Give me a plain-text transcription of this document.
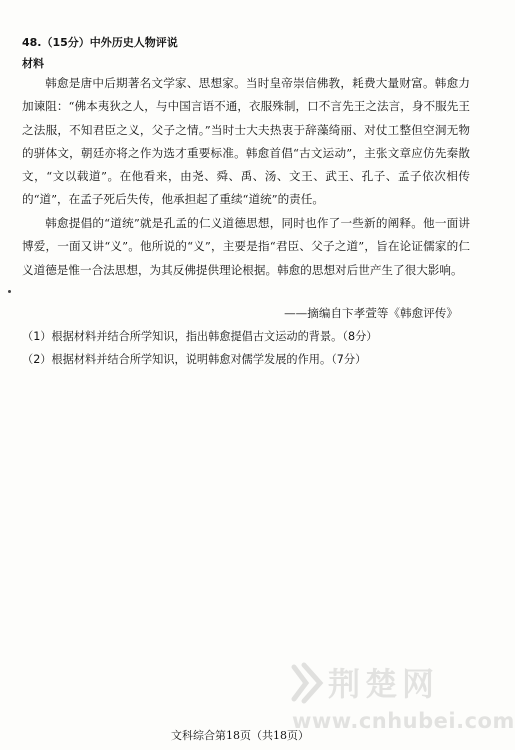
48.（15分）中外历史人物评说
材料
韩愈是唐中后期著名文学家、思想家。当时皇帝崇信佛教，耗费大量财富。韩愈力加谏阻：“佛本夷狄之人，与中国言语不通，衣服殊制，口不言先王之法言，身不服先王之法服，不知君臣之义，父子之情。”当时士大夫热衷于辞藻绮丽、对仗工整但空洞无物的骈体文，朝廷亦将之作为选才重要标准。韩愈首倡“古文运动”，主张文章应仿先秦散文，“文以载道”。在他看来，由尧、舜、禹、汤、文王、武王、孔子、孟子依次相传的“道”，在孟子死后失传，他承担起了重续“道统”的责任。
韩愈提倡的“道统”就是孔孟的仁义道德思想，同时也作了一些新的阐释。他一面讲博爱，一面又讲“义”。他所说的“义”，主要是指“君臣、父子之道”，旨在论证儒家的仁义道德是惟一合法思想，为其反佛提供理论根据。韩愈的思想对后世产生了很大影响。
——摘编自卞孝萱等《韩愈评传》
（1）根据材料并结合所学知识，指出韩愈提倡古文运动的背景。（8分）
（2）根据材料并结合所学知识，说明韩愈对儒学发展的作用。（7分）
荆楚网
www.cnhubei.com
文科综合第18页（共18页）
